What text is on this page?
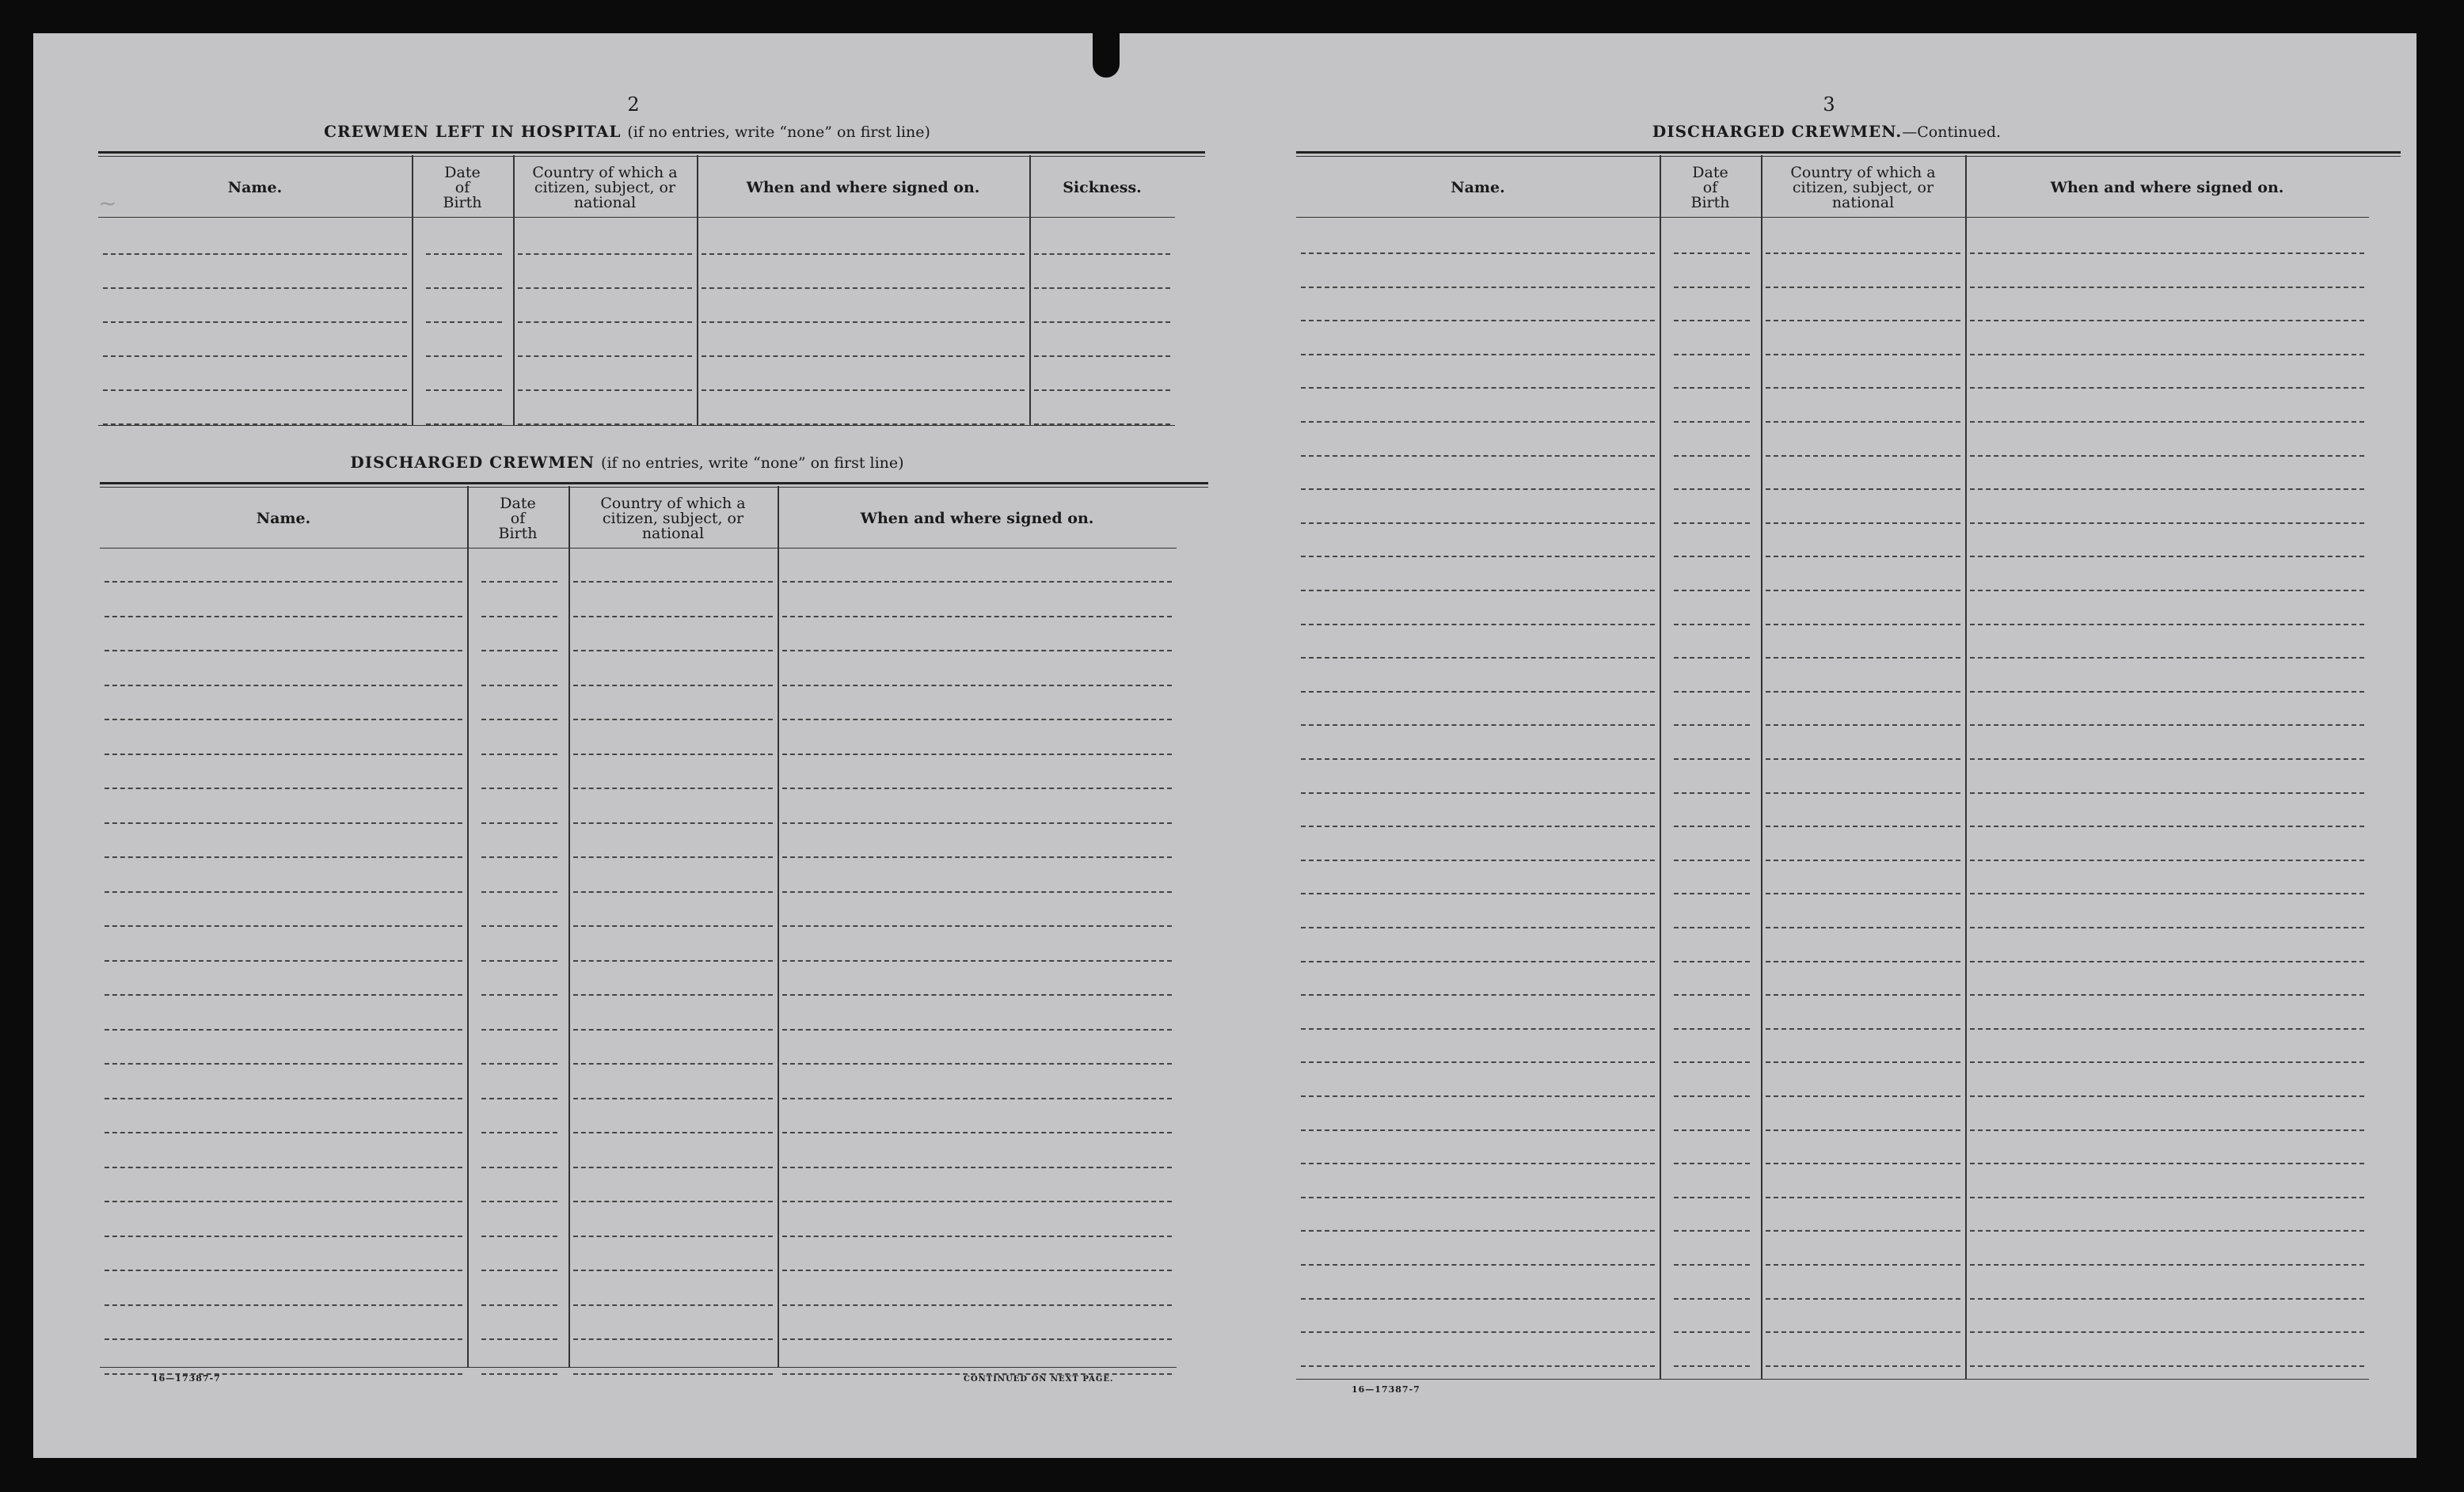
2
CREWMEN LEFT IN HOSPITAL (if no entries, write “none” on first line)
Name.
Date
of
Birth
Country of which a
citizen, subject, or
national
When and where signed on.	Sickness.
~
DISCHARGED CREWMEN (if no entries, write “none” on first line)
Name.
Date
of
Birth
Country of which a
citizen, subject, or
national
When and where signed on.
16—17387-7	CONTINUED ON NEXT PAGE.
3
DISCHARGED CREWMEN.—Continued.
Name.
Date
of
Birth
Country of which a
citizen, subject, or
national
When and where signed on.
16—17387-7
